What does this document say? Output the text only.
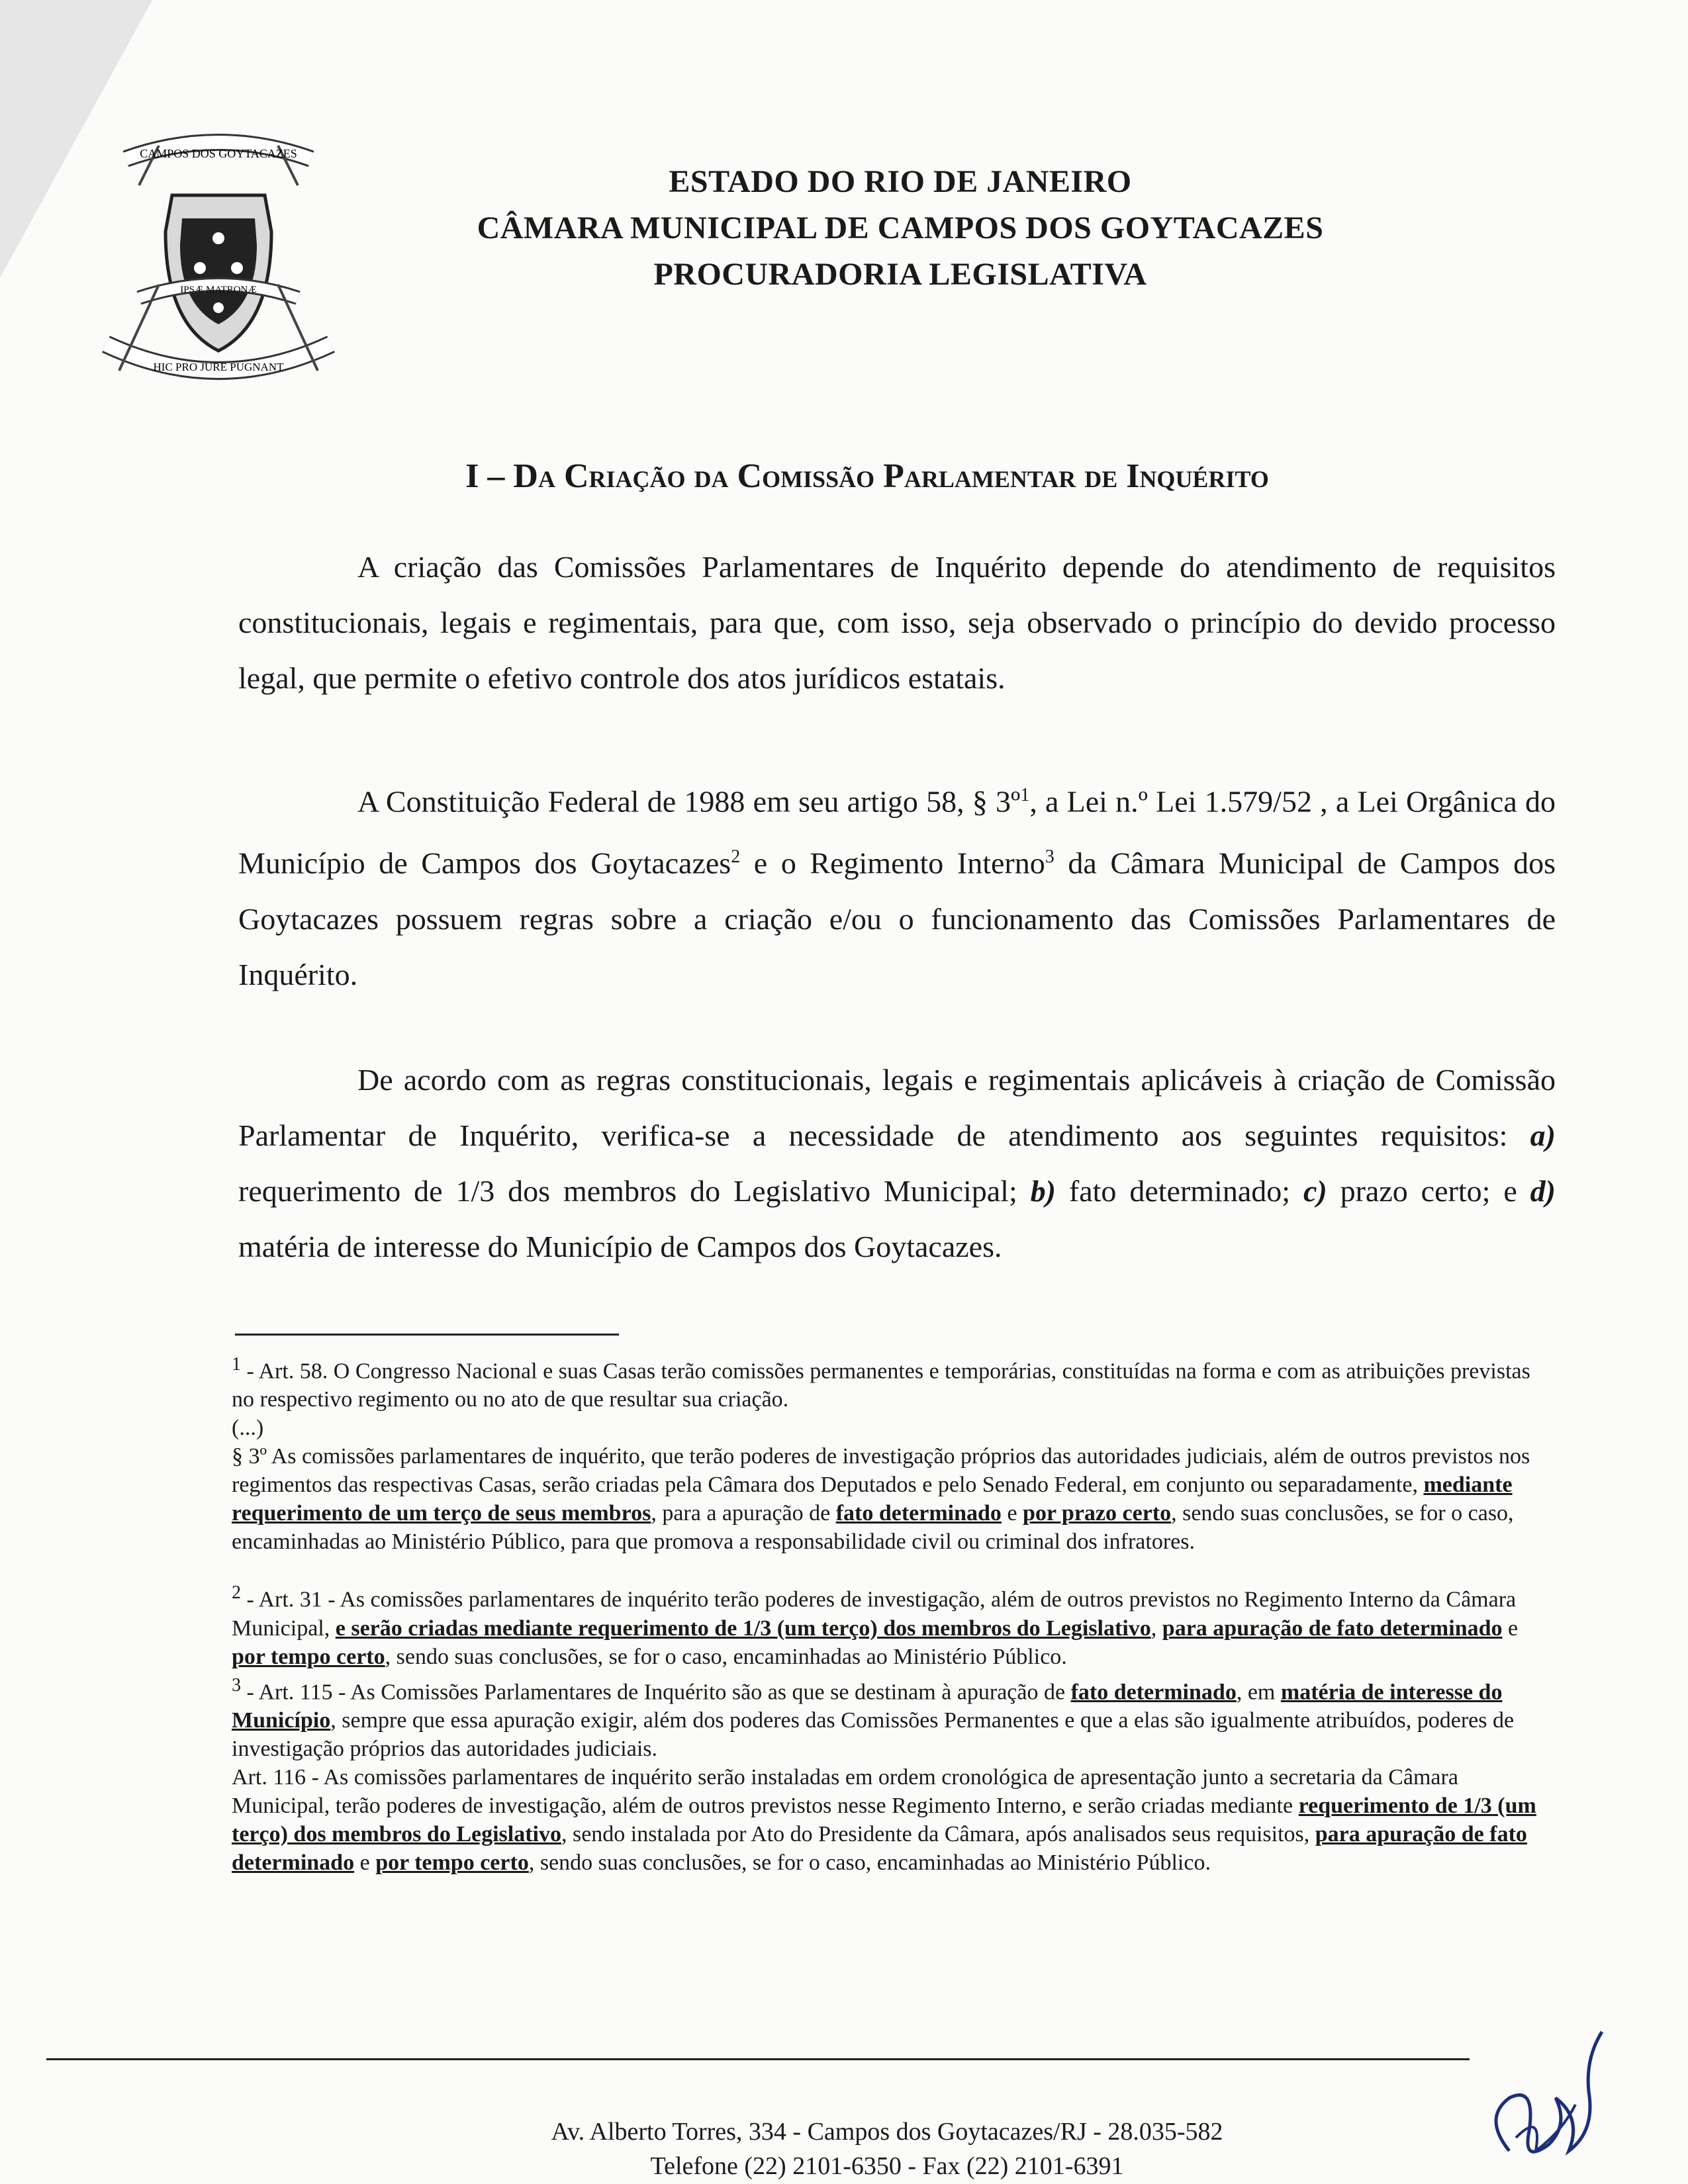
CAMPOS DOS GOYTACAZES
IPSÆ MATRONÆ
HIC PRO JURE PUGNANT
ESTADO DO RIO DE JANEIRO
CÂMARA MUNICIPAL DE CAMPOS DOS GOYTACAZES
PROCURADORIA LEGISLATIVA
I – Da Criação da Comissão Parlamentar de Inquérito

A criação das Comissões Parlamentares de Inquérito depende do atendimento de requisitos constitucionais, legais e regimentais, para que, com isso, seja observado o princípio do devido processo legal, que permite o efetivo controle dos atos jurídicos estatais.

A Constituição Federal de 1988 em seu artigo 58, § 3º$^1$, a Lei n.º Lei 1.579/52 , a Lei Orgânica do Município de Campos dos Goytacazes$^2$ e o Regimento Interno$^3$ da Câmara Municipal de Campos dos Goytacazes possuem regras sobre a criação e/ou o funcionamento das Comissões Parlamentares de Inquérito.

De acordo com as regras constitucionais, legais e regimentais aplicáveis à criação de Comissão Parlamentar de Inquérito, verifica-se a necessidade de atendimento aos seguintes requisitos: a) requerimento de 1/3 dos membros do Legislativo Municipal; b) fato determinado; c) prazo certo; e d) matéria de interesse do Município de Campos dos Goytacazes.

$^1$ - Art. 58. O Congresso Nacional e suas Casas terão comissões permanentes e temporárias, constituídas na forma e com as atribuições previstas no respectivo regimento ou no ato de que resultar sua criação.

(...)

§ 3º As comissões parlamentares de inquérito, que terão poderes de investigação próprios das autoridades judiciais, além de outros previstos nos regimentos das respectivas Casas, serão criadas pela Câmara dos Deputados e pelo Senado Federal, em conjunto ou separadamente, mediante requerimento de um terço de seus membros, para a apuração de fato determinado e por prazo certo, sendo suas conclusões, se for o caso, encaminhadas ao Ministério Público, para que promova a responsabilidade civil ou criminal dos infratores.

$^2$ - Art. 31 - As comissões parlamentares de inquérito terão poderes de investigação, além de outros previstos no Regimento Interno da Câmara Municipal, e serão criadas mediante requerimento de 1/3 (um terço) dos membros do Legislativo, para apuração de fato determinado e por tempo certo, sendo suas conclusões, se for o caso, encaminhadas ao Ministério Público.

$^3$ - Art. 115 - As Comissões Parlamentares de Inquérito são as que se destinam à apuração de fato determinado, em matéria de interesse do Município, sempre que essa apuração exigir, além dos poderes das Comissões Permanentes e que a elas são igualmente atribuídos, poderes de investigação próprios das autoridades judiciais.

Art. 116 - As comissões parlamentares de inquérito serão instaladas em ordem cronológica de apresentação junto a secretaria da Câmara Municipal, terão poderes de investigação, além de outros previstos nesse Regimento Interno, e serão criadas mediante requerimento de 1/3 (um terço) dos membros do Legislativo, sendo instalada por Ato do Presidente da Câmara, após analisados seus requisitos, para apuração de fato determinado e por tempo certo, sendo suas conclusões, se for o caso, encaminhadas ao Ministério Público.

Av. Alberto Torres, 334 - Campos dos Goytacazes/RJ - 28.035-582
Telefone (22) 2101-6350 - Fax (22) 2101-6391
